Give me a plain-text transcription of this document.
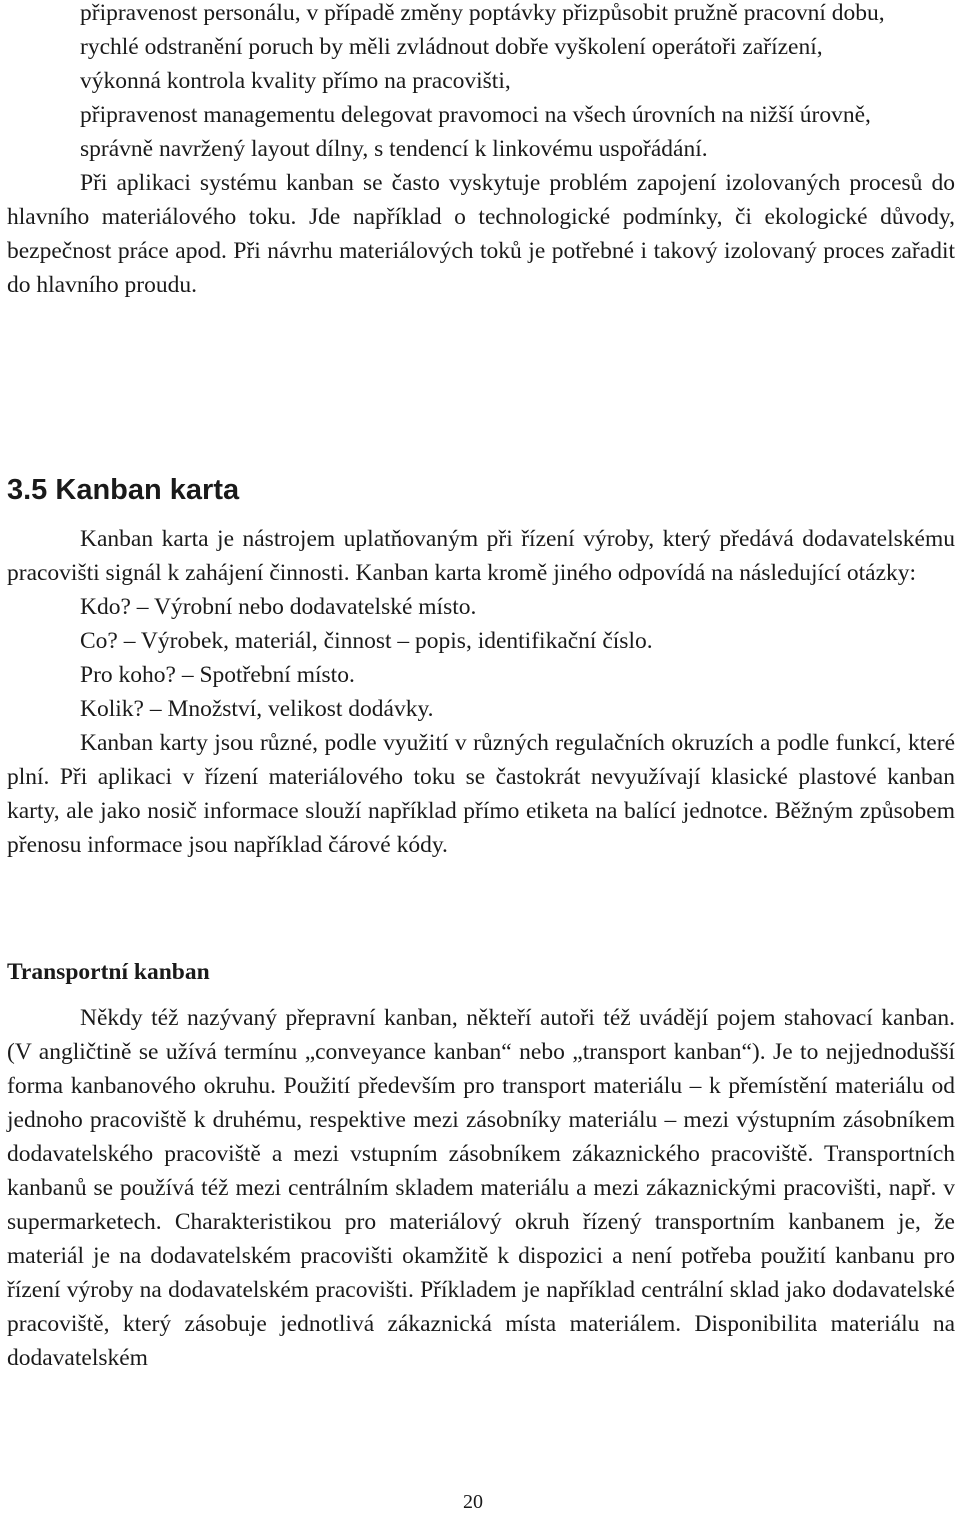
připravenost personálu, v případě změny poptávky přizpůsobit pružně pracovní dobu,
rychlé odstranění poruch by měli zvládnout dobře vyškolení operátoři zařízení,
výkonná kontrola kvality přímo na pracovišti,
připravenost managementu delegovat pravomoci na všech úrovních na nižší úrovně,
správně navržený layout dílny, s tendencí k linkovému uspořádání.

Při aplikaci systému kanban se často vyskytuje problém zapojení izolovaných procesů do hlavního materiálového toku. Jde například o technologické podmínky, či ekologické důvody, bezpečnost práce apod. Při návrhu materiálových toků je potřebné i takový izolovaný proces zařadit do hlavního proudu.

3.5 Kanban karta

Kanban karta je nástrojem uplatňovaným při řízení výroby, který předává dodavatelskému pracovišti signál k zahájení činnosti. Kanban karta kromě jiného odpovídá na následující otázky:

Kdo? – Výrobní nebo dodavatelské místo.
Co? – Výrobek, materiál, činnost – popis, identifikační číslo.
Pro koho? – Spotřební místo.
Kolik? – Množství, velikost dodávky.

Kanban karty jsou různé, podle využití v různých regulačních okruzích a podle funkcí, které plní. Při aplikaci v řízení materiálového toku se častokrát nevyužívají klasické plastové kanban karty, ale jako nosič informace slouží například přímo etiketa na balící jednotce. Běžným způsobem přenosu informace jsou například čárové kódy.

Transportní kanban

Někdy též nazývaný přepravní kanban, někteří autoři též uvádějí pojem stahovací kanban. (V angličtině se užívá termínu „conveyance kanban“ nebo „transport kanban“). Je to nejjednodušší forma kanbanového okruhu. Použití především pro transport materiálu – k přemístění materiálu od jednoho pracoviště k druhému, respektive mezi zásobníky materiálu – mezi výstupním zásobníkem dodavatelského pracoviště a mezi vstupním zásobníkem zákaznického pracoviště. Transportních kanbanů se používá též mezi centrálním skladem materiálu a mezi zákaznickými pracovišti, např. v supermarketech. Charakteristikou pro materiálový okruh řízený transportním kanbanem je, že materiál je na dodavatelském pracovišti okamžitě k dispozici a není potřeba použití kanbanu pro řízení výroby na dodavatelském pracovišti. Příkladem je například centrální sklad jako dodavatelské pracoviště, který zásobuje jednotlivá zákaznická místa materiálem. Disponibilita materiálu na dodavatelském

20
